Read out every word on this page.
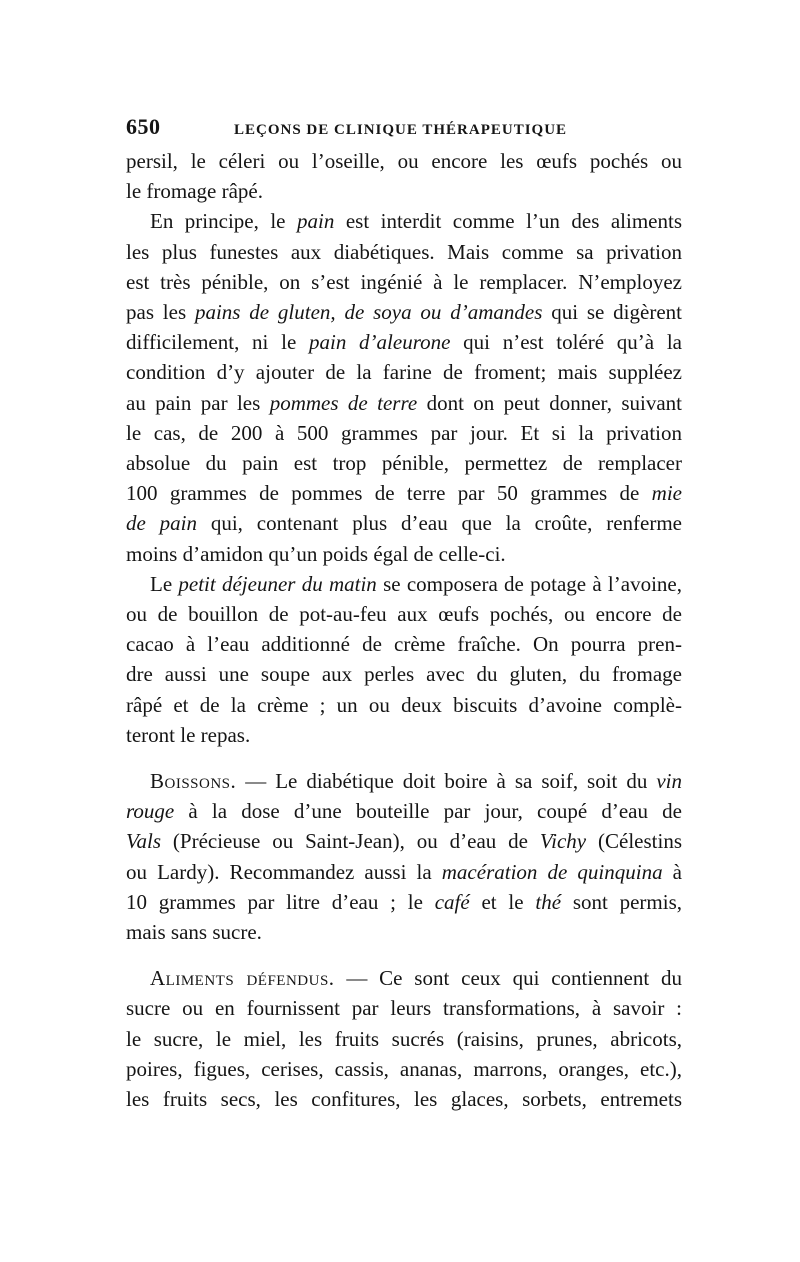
650	LEÇONS DE CLINIQUE THÉRAPEUTIQUE
persil, le céleri ou l’oseille, ou encore les œufs pochés ou
le fromage râpé.
En principe, le pain est interdit comme l’un des aliments
les plus funestes aux diabétiques. Mais comme sa privation
est très pénible, on s’est ingénié à le remplacer. N’employez
pas les pains de gluten, de soya ou d’amandes qui se digèrent
difficilement, ni le pain d’aleurone qui n’est toléré qu’à la
condition d’y ajouter de la farine de froment; mais suppléez
au pain par les pommes de terre dont on peut donner, suivant
le cas, de 200 à 500 grammes par jour. Et si la privation
absolue du pain est trop pénible, permettez de remplacer
100 grammes de pommes de terre par 50 grammes de mie
de pain qui, contenant plus d’eau que la croûte, renferme
moins d’amidon qu’un poids égal de celle-ci.
Le petit déjeuner du matin se composera de potage à l’avoine,
ou de bouillon de pot-au-feu aux œufs pochés, ou encore de
cacao à l’eau additionné de crème fraîche. On pourra pren-
dre aussi une soupe aux perles avec du gluten, du fromage
râpé et de la crème ; un ou deux biscuits d’avoine complè-
teront le repas.
Boissons. — Le diabétique doit boire à sa soif, soit du vin
rouge à la dose d’une bouteille par jour, coupé d’eau de
Vals (Précieuse ou Saint-Jean), ou d’eau de Vichy (Célestins
ou Lardy). Recommandez aussi la macération de quinquina à
10 grammes par litre d’eau ; le café et le thé sont permis,
mais sans sucre.
Aliments défendus. — Ce sont ceux qui contiennent du
sucre ou en fournissent par leurs transformations, à savoir :
le sucre, le miel, les fruits sucrés (raisins, prunes, abricots,
poires, figues, cerises, cassis, ananas, marrons, oranges, etc.),
les fruits secs, les confitures, les glaces, sorbets, entremets
